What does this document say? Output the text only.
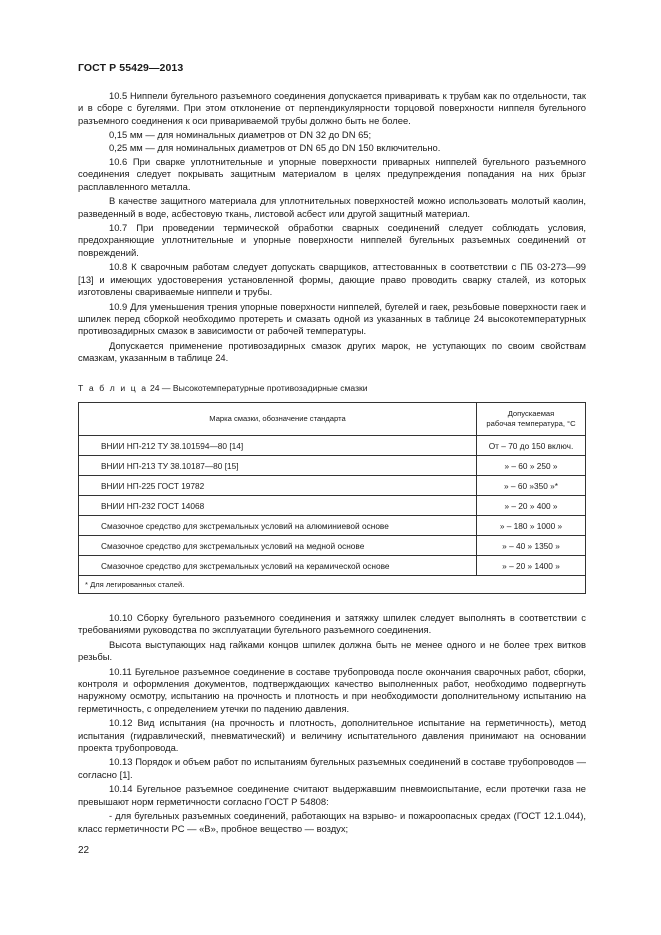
ГОСТ Р 55429—2013

10.5 Ниппели бугельного разъемного соединения допускается приваривать к трубам как по отдельности, так и в сборе с бугелями. При этом отклонение от перпендикулярности торцовой поверхности ниппеля бугельного разъемного соединения к оси привариваемой трубы должно быть не более.

0,15 мм — для номинальных диаметров от DN 32 до DN 65;

0,25 мм — для номинальных диаметров от DN 65 до DN 150 включительно.

10.6 При сварке уплотнительные и упорные поверхности приварных ниппелей бугельного разъемного соединения следует покрывать защитным материалом в целях предупреждения попадания на них брызг расплавленного металла.

В качестве защитного материала для уплотнительных поверхностей можно использовать молотый каолин, разведенный в воде, асбестовую ткань, листовой асбест или другой защитный материал.

10.7 При проведении термической обработки сварных соединений следует соблюдать условия, предохраняющие уплотнительные и упорные поверхности ниппелей бугельных разъемных соединений от повреждений.

10.8 К сварочным работам следует допускать сварщиков, аттестованных в соответствии с ПБ 03-273—99 [13] и имеющих удостоверения установленной формы, дающие право проводить сварку сталей, из которых изготовлены свариваемые ниппели и трубы.

10.9 Для уменьшения трения упорные поверхности ниппелей, бугелей и гаек, резьбовые поверхности гаек и шпилек перед сборкой необходимо протереть и смазать одной из указанных в таблице 24 высокотемпературных противозадирных смазок в зависимости от рабочей температуры.

Допускается применение противозадирных смазок других марок, не уступающих по своим свойствам смазкам, указанным в таблице 24.

Т а б л и ц а 24 — Высокотемпературные противозадирные смазки
Марка смазки, обозначение стандарта	Допускаемая
рабочая температура, °С
ВНИИ НП-212 ТУ 38.101594—80 [14]	От – 70 до 150 включ.
ВНИИ НП-213 ТУ 38.10187—80 [15]	» – 60 » 250 »
ВНИИ НП-225 ГОСТ 19782	» – 60 »350 »*
ВНИИ НП-232 ГОСТ 14068	» – 20 » 400 »
Смазочное средство для экстремальных условий на алюминиевой основе	» – 180 » 1000 »
Смазочное средство для экстремальных условий на медной основе	» – 40 » 1350 »
Смазочное средство для экстремальных условий на керамической основе	» – 20 » 1400 »
* Для легированных сталей.	

10.10 Сборку бугельного разъемного соединения и затяжку шпилек следует выполнять в соответствии с требованиями руководства по эксплуатации бугельного разъемного соединения.

Высота выступающих над гайками концов шпилек должна быть не менее одного и не более трех витков резьбы.

10.11 Бугельное разъемное соединение в составе трубопровода после окончания сварочных работ, сборки, контроля и оформления документов, подтверждающих качество выполненных работ, необходимо подвергнуть наружному осмотру, испытанию на прочность и плотность и при необходимости дополнительному испытанию на герметичность, с определением утечки по падению давления.

10.12 Вид испытания (на прочность и плотность, дополнительное испытание на герметичность), метод испытания (гидравлический, пневматический) и величину испытательного давления принимают на основании проекта трубопровода.

10.13 Порядок и объем работ по испытаниям бугельных разъемных соединений в составе трубопроводов — согласно [1].

10.14 Бугельное разъемное соединение считают выдержавшим пневмоиспытание, если протечки газа не превышают норм герметичности согласно ГОСТ Р 54808:

- для бугельных разъемных соединений, работающих на взрыво- и пожароопасных средах (ГОСТ 12.1.044), класс герметичности PC — «B», пробное вещество — воздух;

22
